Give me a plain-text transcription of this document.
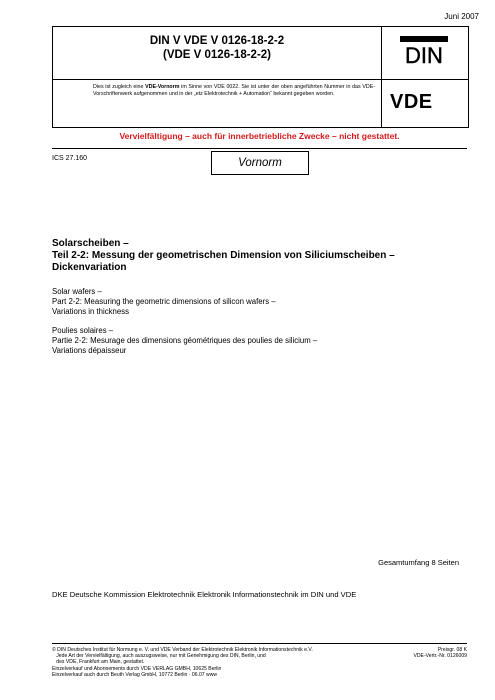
Juni 2007
DIN V VDE V 0126-18-2-2
(VDE V 0126-18-2-2)
Dies ist zugleich eine VDE-Vornorm im Sinne von VDE 0022. Sie ist unter der oben angeführten Nummer in das VDE-Vorschriftenwerk aufgenommen und in der „etz Elektrotechnik + Automation“ bekannt gegeben worden.
DIN
VDE
Vervielfältigung – auch für innerbetriebliche Zwecke – nicht gestattet.
ICS 27.160	Vornorm
Solarscheiben –
Teil 2-2: Messung der geometrischen Dimension von Siliciumscheiben –
Dickenvariation
Solar wafers –
Part 2-2: Measuring the geometric dimensions of silicon wafers –
Variations in thickness
Poulies solaires –
Partie 2-2: Mesurage des dimensions géométriques des poulies de silicium –
Variations dépaisseur
Gesamtumfang 8 Seiten
DKE Deutsche Kommission Elektrotechnik Elektronik Informationstechnik im DIN und VDE
© DIN Deutsches Institut für Normung e. V. und VDE Verband der Elektrotechnik Elektronik Informationstechnik e.V.
Jede Art der Vervielfältigung, auch auszugsweise, nur mit Genehmigung des DIN, Berlin, und
des VDE, Frankfurt am Main, gestattet.
Einzelverkauf und Abonnements durch VDE VERLAG GMBH, 10625 Berlin
Einzelverkauf auch durch Beuth Verlag GmbH, 10772 Berlin · 06.07 www
Preisgr. 08 K
VDE-Vertr.-Nr. 0126009
